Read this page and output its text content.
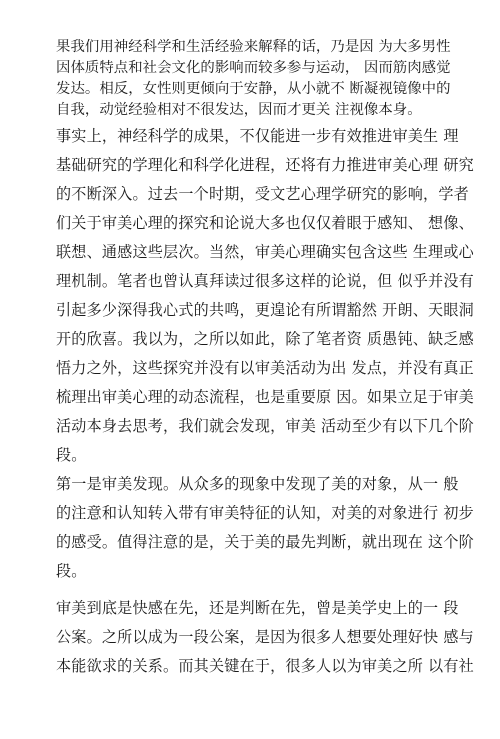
果我们用神经科学和生活经验来解释的话，乃是因 为大多男性
因体质特点和社会文化的影响而较多参与运动， 因而筋肉感觉
发达。相反，女性则更倾向于安静，从小就不 断凝视镜像中的
自我，动觉经验相对不很发达，因而才更关 注视像本身。
事实上，神经科学的成果，不仅能进一步有效推进审美生 理
基础研究的学理化和科学化进程，还将有力推进审美心理 研究
的不断深入。过去一个时期，受文艺心理学研究的影响，学者
们关于审美心理的探究和论说大多也仅仅着眼于感知、 想像、
联想、通感这些层次。当然，审美心理确实包含这些 生理或心
理机制。笔者也曾认真拜读过很多这样的论说，但 似乎并没有
引起多少深得我心式的共鸣，更遑论有所谓豁然 开朗、天眼洞
开的欣喜。我以为，之所以如此，除了笔者资 质愚钝、缺乏感
悟力之外，这些探究并没有以审美活动为出 发点，并没有真正
梳理出审美心理的动态流程，也是重要原 因。如果立足于审美
活动本身去思考，我们就会发现，审美 活动至少有以下几个阶
段。
第一是审美发现。从众多的现象中发现了美的对象，从一 般
的注意和认知转入带有审美特征的认知，对美的对象进行 初步
的感受。值得注意的是，关于美的最先判断，就出现在 这个阶
段。
审美到底是快感在先，还是判断在先，曾是美学史上的一 段
公案。之所以成为一段公案，是因为很多人想要处理好快 感与
本能欲求的关系。而其关键在于，很多人以为审美之所 以有社
